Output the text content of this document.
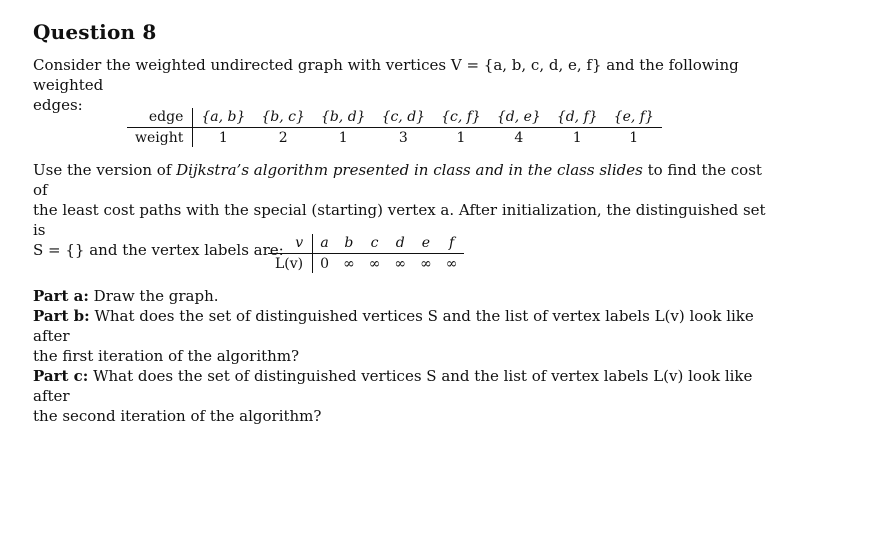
Question 8
Consider the weighted undirected graph with vertices V = {a, b, c, d, e, f} and the following weighted
edges:
edge	{a, b}	{b, c}	{b, d}	{c, d}	{c, f}	{d, e}	{d, f}	{e, f}
weight	1	2	1	3	1	4	1	1
Use the version of Dijkstra’s algorithm presented in class and in the class slides to find the cost of
the least cost paths with the special (starting) vertex a. After initialization, the distinguished set is
S = {} and the vertex labels are: v	a	b	c	d	e	f
L(v)	0	∞	∞	∞	∞	∞
Part a: Draw the graph.
Part b: What does the set of distinguished vertices S and the list of vertex labels L(v) look like after
the first iteration of the algorithm?
Part c: What does the set of distinguished vertices S and the list of vertex labels L(v) look like after
the second iteration of the algorithm?
